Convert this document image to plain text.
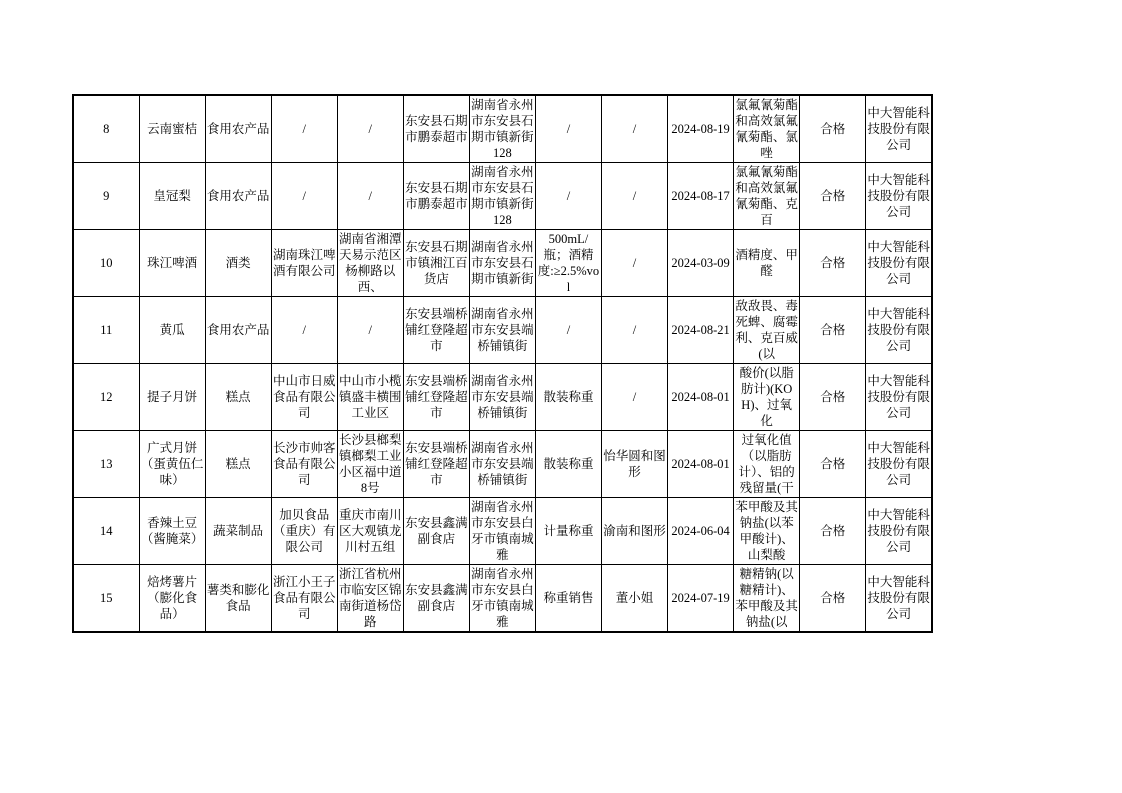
8	云南蜜桔	食用农产品	/	/	东安县石期市鹏泰超市	湖南省永州市东安县石期市镇新街128	/	/	2024-08-19	氯氟氰菊酯和高效氯氟氰菊酯、氯唑	合格	中大智能科技股份有限公司

9	皇冠梨	食用农产品	/	/	东安县石期市鹏泰超市	湖南省永州市东安县石期市镇新街128	/	/	2024-08-17	氯氟氰菊酯和高效氯氟氰菊酯、克百	合格	中大智能科技股份有限公司

10	珠江啤酒	酒类	湖南珠江啤酒有限公司	湖南省湘潭天易示范区杨柳路以西、	东安县石期市镇湘江百货店	湖南省永州市东安县石期市镇新街	500mL/瓶；酒精度:≥2.5%vol	/	2024-03-09	酒精度、甲醛	合格	中大智能科技股份有限公司

11	黄瓜	食用农产品	/	/	东安县端桥铺红登隆超市	湖南省永州市东安县端桥铺镇街	/	/	2024-08-21	敌敌畏、毒死蜱、腐霉利、克百威(以	合格	中大智能科技股份有限公司

12	提子月饼	糕点	中山市日威食品有限公司	中山市小榄镇盛丰横围工业区	东安县端桥铺红登隆超市	湖南省永州市东安县端桥铺镇街	散装称重	/	2024-08-01	酸价(以脂肪计)(KOH)、过氧化	合格	中大智能科技股份有限公司

13	广式月饼（蛋黄伍仁味）	糕点	长沙市帅客食品有限公司	长沙县榔梨镇榔梨工业小区福中道8号	东安县端桥铺红登隆超市	湖南省永州市东安县端桥铺镇街	散装称重	怡华圆和图形	2024-08-01	过氧化值（以脂肪计）、铝的残留量(干	合格	中大智能科技股份有限公司

14	香辣土豆（酱腌菜）	蔬菜制品	加贝食品（重庆）有限公司	重庆市南川区大观镇龙川村五组	东安县鑫满副食店	湖南省永州市东安县白牙市镇南城雅	计量称重	渝南和图形	2024-06-04	苯甲酸及其钠盐(以苯甲酸计)、山梨酸	合格	中大智能科技股份有限公司

15	焙烤薯片（膨化食品）	薯类和膨化食品	浙江小王子食品有限公司	浙江省杭州市临安区锦南街道杨岱路	东安县鑫满副食店	湖南省永州市东安县白牙市镇南城雅	称重销售	董小姐	2024-07-19	糖精钠(以糖精计)、苯甲酸及其钠盐(以	合格	中大智能科技股份有限公司
